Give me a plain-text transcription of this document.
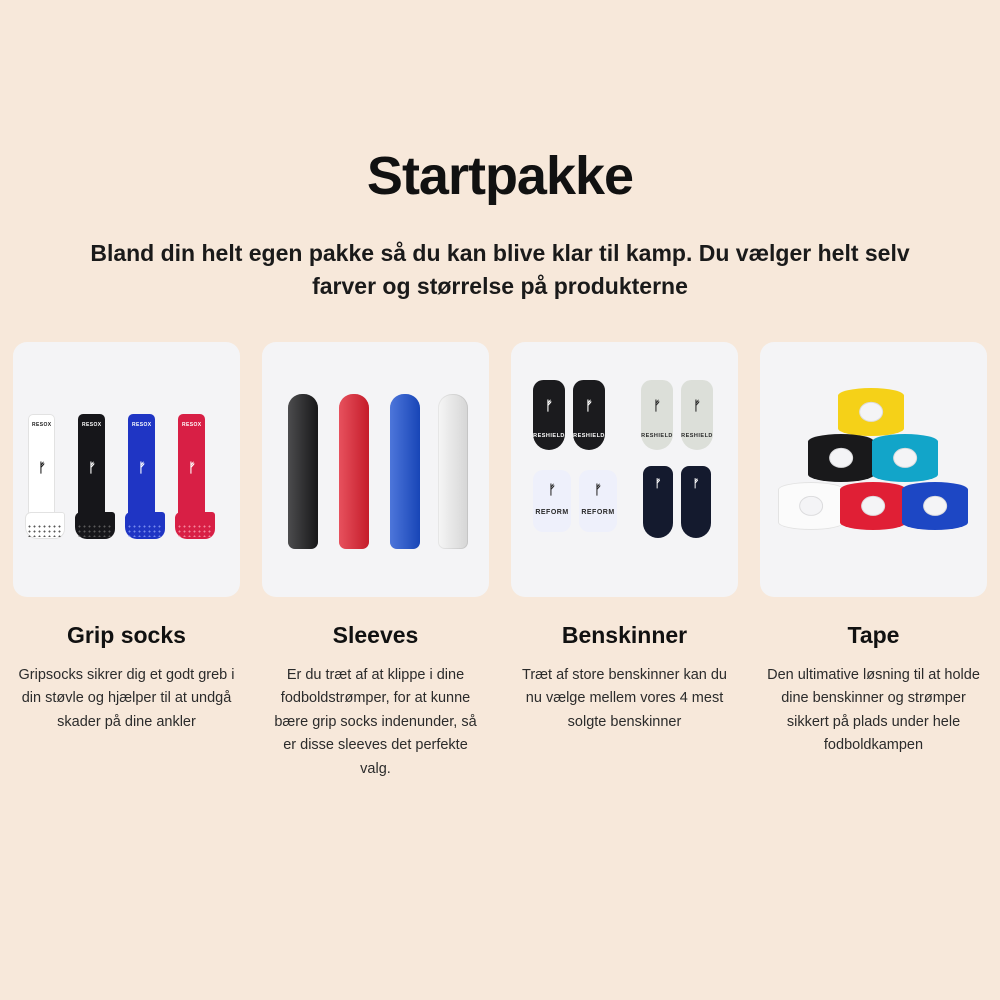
Startpakke

Bland din helt egen pakke så du kan blive klar til kamp. Du vælger helt selv farver og størrelse på produkterne

RESOX
ᚠ
RESOX
ᚠ
RESOX
ᚠ
RESOX
ᚠ
Grip socks
Gripsocks sikrer dig et godt greb i din støvle og hjælper til at undgå skader på dine ankler
Sleeves
Er du træt af at klippe i dine fodboldstrømper, for at kunne bære grip socks indenunder, så er disse sleeves det perfekte valg.
ᚠ
RESHIELD
ᚠ
RESHIELD
ᚠ
RESHIELD
ᚠ
RESHIELD
ᚠ
REFORM
ᚠ
REFORM
ᚠ	ᚠ
Benskinner
Træt af store benskinner kan du nu vælge mellem vores 4 mest solgte benskinner
Tape
Den ultimative løsning til at holde dine benskinner og strømper sikkert på plads under hele fodboldkampen
